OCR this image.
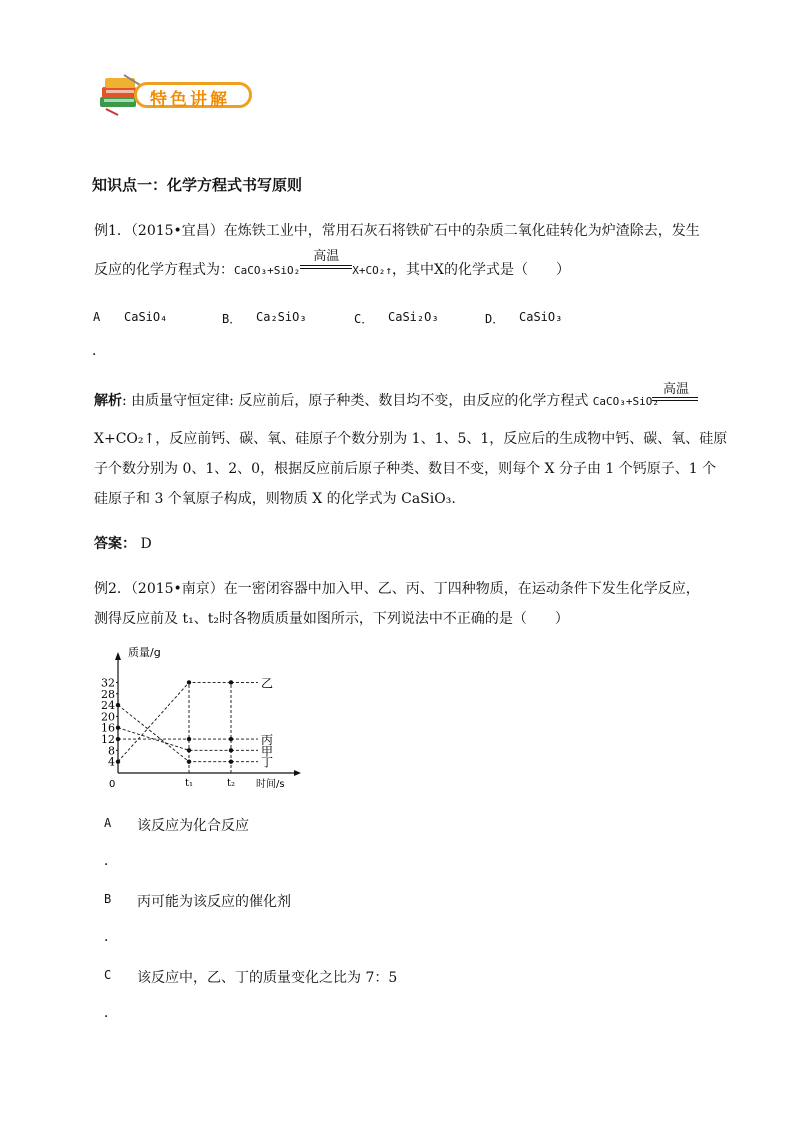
特色讲解
知识点一：化学方程式书写原则
例1．（2015•宜昌）在炼铁工业中，常用石灰石将铁矿石中的杂质二氧化硅转化为炉渣除去，发生
反应的化学方程式为：CaCO₃+SiO₂
高温
X+CO₂↑，其中X的化学式是（　　）
A CaSiO₄	B． Ca₂SiO₃	C． CaSi₂O₃	D． CaSiO₃
．
解析: 由质量守恒定律: 反应前后，原子种类、数目均不变，由反应的化学方程式 CaCO₃+SiO₂
高温
X+CO₂↑，反应前钙、碳、氧、硅原子个数分别为 1、1、5、1，反应后的生成物中钙、碳、氧、硅原
子个数分别为 0、1、2、0，根据反应前后原子种类、数目不变，则每个 X 分子由 1 个钙原子、1 个
硅原子和 3 个氧原子构成，则物质 X 的化学式为 CaSiO₃.
答案： D
例2．（2015•南京）在一密闭容器中加入甲、乙、丙、丁四种物质，在运动条件下发生化学反应，
测得反应前及 t₁、t₂时各物质质量如图所示，下列说法中不正确的是（　　）
质量/g
时间/s
0
4
8
12
16
20
24
28
32
t₁	t₂
乙
丙
甲
丁
A 该反应为化合反应
．
B 丙可能为该反应的催化剂
．
C 该反应中，乙、丁的质量变化之比为 7：5
．
